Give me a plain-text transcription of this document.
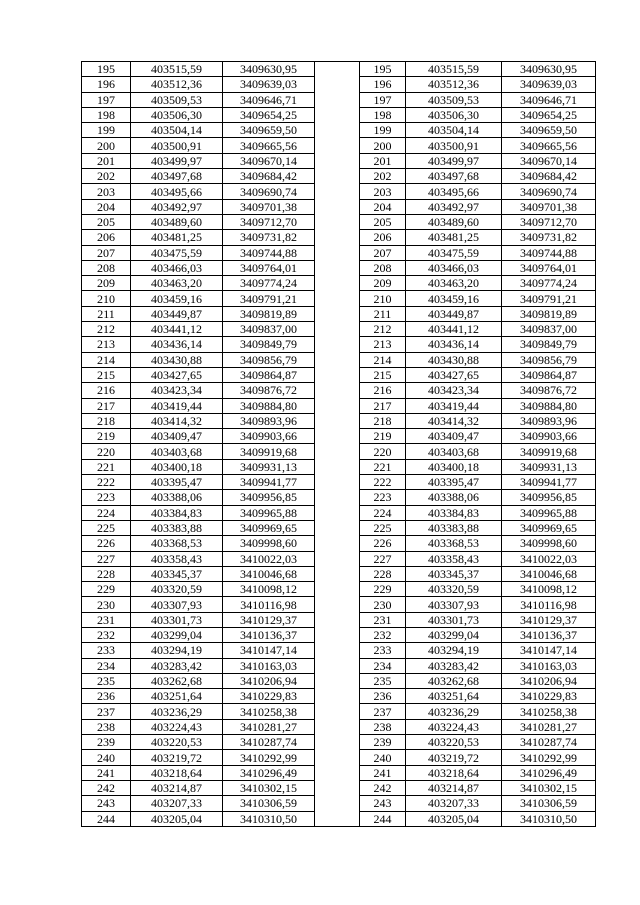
195	403515,59	3409630,95		195	403515,59	3409630,95
196	403512,36	3409639,03		196	403512,36	3409639,03
197	403509,53	3409646,71		197	403509,53	3409646,71
198	403506,30	3409654,25		198	403506,30	3409654,25
199	403504,14	3409659,50		199	403504,14	3409659,50
200	403500,91	3409665,56		200	403500,91	3409665,56
201	403499,97	3409670,14		201	403499,97	3409670,14
202	403497,68	3409684,42		202	403497,68	3409684,42
203	403495,66	3409690,74		203	403495,66	3409690,74
204	403492,97	3409701,38		204	403492,97	3409701,38
205	403489,60	3409712,70		205	403489,60	3409712,70
206	403481,25	3409731,82		206	403481,25	3409731,82
207	403475,59	3409744,88		207	403475,59	3409744,88
208	403466,03	3409764,01		208	403466,03	3409764,01
209	403463,20	3409774,24		209	403463,20	3409774,24
210	403459,16	3409791,21		210	403459,16	3409791,21
211	403449,87	3409819,89		211	403449,87	3409819,89
212	403441,12	3409837,00		212	403441,12	3409837,00
213	403436,14	3409849,79		213	403436,14	3409849,79
214	403430,88	3409856,79		214	403430,88	3409856,79
215	403427,65	3409864,87		215	403427,65	3409864,87
216	403423,34	3409876,72		216	403423,34	3409876,72
217	403419,44	3409884,80		217	403419,44	3409884,80
218	403414,32	3409893,96		218	403414,32	3409893,96
219	403409,47	3409903,66		219	403409,47	3409903,66
220	403403,68	3409919,68		220	403403,68	3409919,68
221	403400,18	3409931,13		221	403400,18	3409931,13
222	403395,47	3409941,77		222	403395,47	3409941,77
223	403388,06	3409956,85		223	403388,06	3409956,85
224	403384,83	3409965,88		224	403384,83	3409965,88
225	403383,88	3409969,65		225	403383,88	3409969,65
226	403368,53	3409998,60		226	403368,53	3409998,60
227	403358,43	3410022,03		227	403358,43	3410022,03
228	403345,37	3410046,68		228	403345,37	3410046,68
229	403320,59	3410098,12		229	403320,59	3410098,12
230	403307,93	3410116,98		230	403307,93	3410116,98
231	403301,73	3410129,37		231	403301,73	3410129,37
232	403299,04	3410136,37		232	403299,04	3410136,37
233	403294,19	3410147,14		233	403294,19	3410147,14
234	403283,42	3410163,03		234	403283,42	3410163,03
235	403262,68	3410206,94		235	403262,68	3410206,94
236	403251,64	3410229,83		236	403251,64	3410229,83
237	403236,29	3410258,38		237	403236,29	3410258,38
238	403224,43	3410281,27		238	403224,43	3410281,27
239	403220,53	3410287,74		239	403220,53	3410287,74
240	403219,72	3410292,99		240	403219,72	3410292,99
241	403218,64	3410296,49		241	403218,64	3410296,49
242	403214,87	3410302,15		242	403214,87	3410302,15
243	403207,33	3410306,59		243	403207,33	3410306,59
244	403205,04	3410310,50		244	403205,04	3410310,50
